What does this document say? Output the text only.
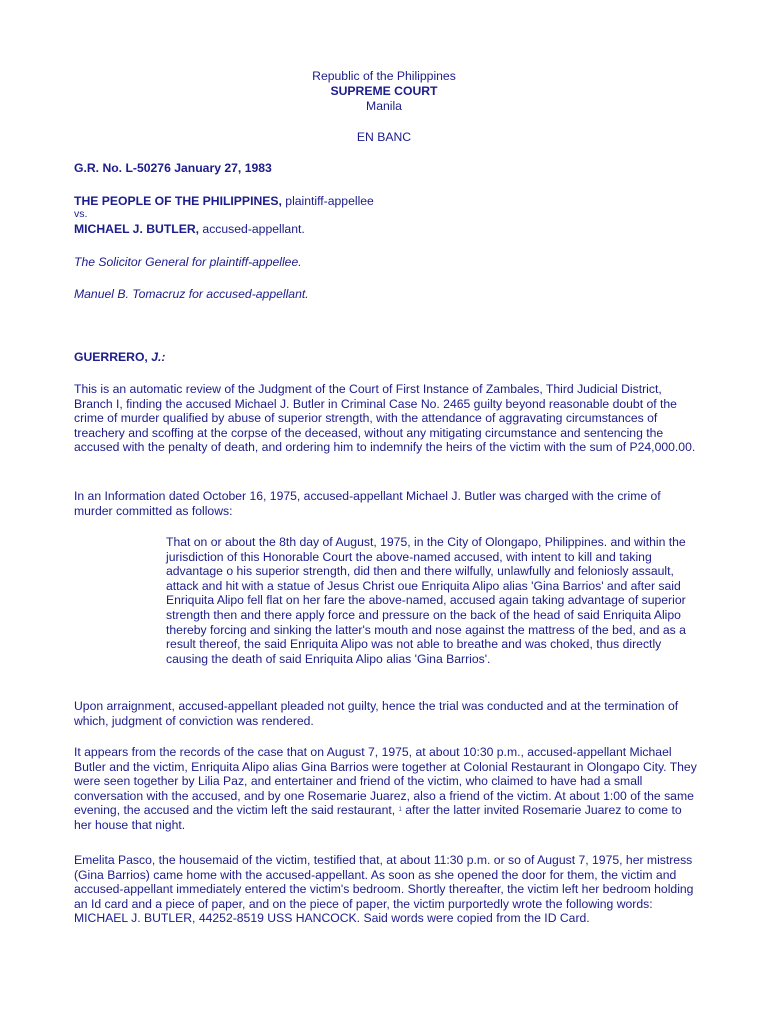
Republic of the Philippines
SUPREME COURT
Manila
EN BANC
G.R. No. L-50276 January 27, 1983
THE PEOPLE OF THE PHILIPPINES, plaintiff-appellee
vs.
MICHAEL J. BUTLER, accused-appellant.
The Solicitor General for plaintiff-appellee.
Manuel B. Tomacruz for accused-appellant.
GUERRERO, J.:

This is an automatic review of the Judgment of the Court of First Instance of Zambales, Third Judicial District, Branch I, finding the accused Michael J. Butler in Criminal Case No. 2465 guilty beyond reasonable doubt of the crime of murder qualified by abuse of superior strength, with the attendance of aggravating circumstances of treachery and scoffing at the corpse of the deceased, without any mitigating circumstance and sentencing the accused with the penalty of death, and ordering him to indemnify the heirs of the victim with the sum of P24,000.00.

In an Information dated October 16, 1975, accused-appellant Michael J. Butler was charged with the crime of murder committed as follows:

That on or about the 8th day of August, 1975, in the City of Olongapo, Philippines. and within the jurisdiction of this Honorable Court the above-named accused, with intent to kill and taking advantage o his superior strength, did then and there wilfully, unlawfully and feloniosly assault, attack and hit with a statue of Jesus Christ oue Enriquita Alipo alias 'Gina Barrios' and after said Enriquita Alipo fell flat on her fare the above-named, accused again taking advantage of superior strength then and there apply force and pressure on the back of the head of said Enriquita Alipo thereby forcing and sinking the latter's mouth and nose against the mattress of the bed, and as a result thereof, the said Enriquita Alipo was not able to breathe and was choked, thus directly causing the death of said Enriquita Alipo alias 'Gina Barrios'.

Upon arraignment, accused-appellant pleaded not guilty, hence the trial was conducted and at the termination of which, judgment of conviction was rendered.

It appears from the records of the case that on August 7, 1975, at about 10:30 p.m., accused-appellant Michael Butler and the victim, Enriquita Alipo alias Gina Barrios were together at Colonial Restaurant in Olongapo City. They were seen together by Lilia Paz, and entertainer and friend of the victim, who claimed to have had a small conversation with the accused, and by one Rosemarie Juarez, also a friend of the victim. At about 1:00 of the same evening, the accused and the victim left the said restaurant, $^1$ after the latter invited Rosemarie Juarez to come to her house that night.

Emelita Pasco, the housemaid of the victim, testified that, at about 11:30 p.m. or so of August 7, 1975, her mistress (Gina Barrios) came home with the accused-appellant. As soon as she opened the door for them, the victim and accused-appellant immediately entered the victim's bedroom. Shortly thereafter, the victim left her bedroom holding an Id card and a piece of paper, and on the piece of paper, the victim purportedly wrote the following words: MICHAEL J. BUTLER, 44252-8519 USS HANCOCK. Said words were copied from the ID Card.
